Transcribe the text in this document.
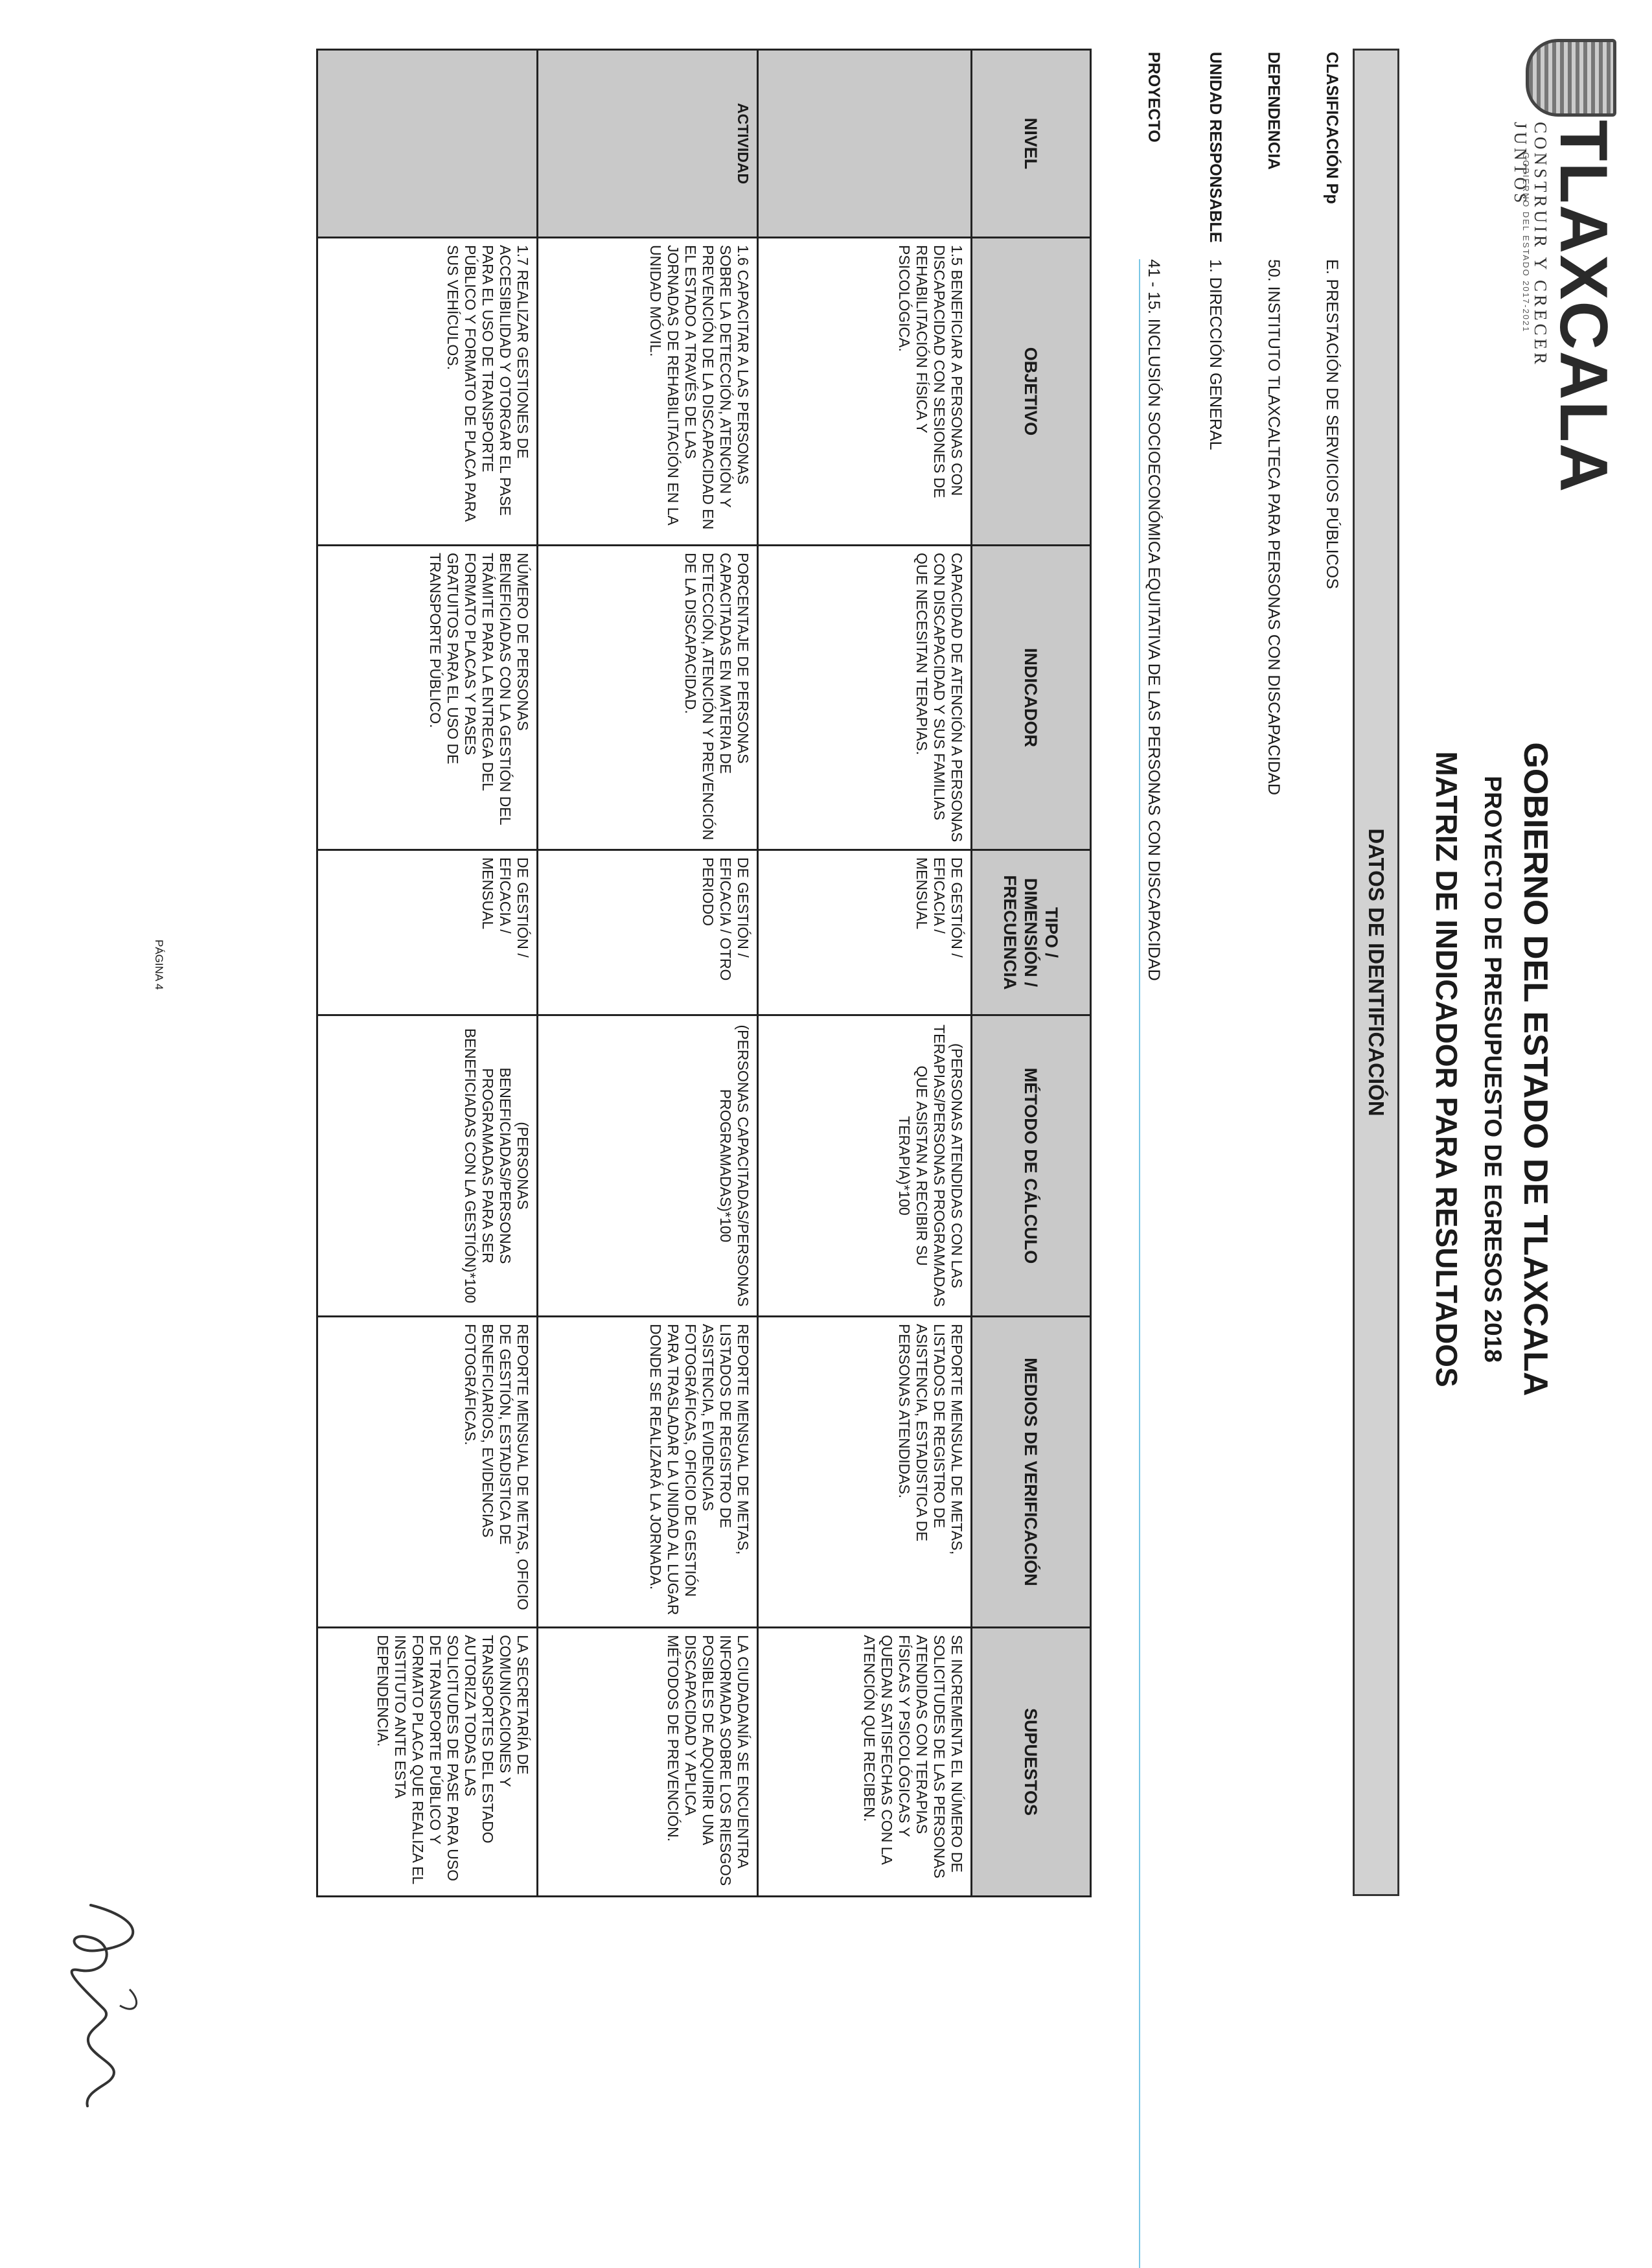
TLAXCALA
CONSTRUIR Y CRECER JUNTOS
GOBIERNO DEL ESTADO 2017-2021
GOBIERNO DEL ESTADO DE TLAXCALA
PROYECTO DE PRESUPUESTO DE EGRESOS 2018
MATRIZ DE INDICADOR PARA RESULTADOS
DATOS DE IDENTIFICACIÓN
CLASIFICACIÓN Pp
E. PRESTACIÓN DE SERVICIOS PÚBLICOS
DEPENDENCIA
50. INSTITUTO TLAXCALTECA PARA PERSONAS CON DISCAPACIDAD
UNIDAD RESPONSABLE
1. DIRECCIÓN GENERAL
PROYECTO
41 - 15. INCLUSIÓN SOCIOECONÓMICA EQUITATIVA DE LAS PERSONAS CON DISCAPACIDAD
NIVEL	OBJETIVO	INDICADOR	TIPO / DIMENSIÓN / FRECUENCIA	MÉTODO DE CÁLCULO	MEDIOS DE VERIFICACIÓN	SUPUESTOS
	1.5 BENEFICIAR A PERSONAS CON DISCAPACIDAD CON SESIONES DE REHABILITACIÓN FÍSICA Y PSICOLÓGICA.	CAPACIDAD DE ATENCIÓN A PERSONAS CON DISCAPACIDAD Y SUS FAMILIAS QUE NECESITAN TERAPIAS.	DE GESTIÓN / EFICACIA / MENSUAL	(PERSONAS ATENDIDAS CON LAS TERAPIAS/PERSONAS PROGRAMADAS QUE ASISTAN A RECIBIR SU TERAPIA)*100	REPORTE MENSUAL DE METAS, LISTADOS DE REGISTRO DE ASISTENCIA, ESTADISTICA DE PERSONAS ATENDIDAS.	SE INCREMENTA EL NÚMERO DE SOLICITUDES DE LAS PERSONAS ATENDIDAS CON TERAPIAS FÍSICAS Y PSICOLÓGICAS Y QUEDAN SATISFECHAS CON LA ATENCIÓN QUE RECIBEN.
ACTIVIDAD	1.6 CAPACITAR A LAS PERSONAS SOBRE LA DETECCIÓN, ATENCIÓN Y PREVENCIÓN DE LA DISCAPACIDAD EN EL ESTADO A TRAVÉS DE LAS JORNADAS DE REHABILITACIÓN EN LA UNIDAD MÓVIL.	PORCENTAJE DE PERSONAS CAPACITADAS EN MATERIA DE DETECCIÓN, ATENCIÓN Y PREVENCIÓN DE LA DISCAPACIDAD.	DE GESTIÓN / EFICACIA / OTRO PERIODO	(PERSONAS CAPACITADAS/PERSONAS PROGRAMADAS)*100	REPORTE MENSUAL DE METAS, LISTADOS DE REGISTRO DE ASISTENCIA, EVIDENCIAS FOTOGRÁFICAS, OFICIO DE GESTIÓN PARA TRASLADAR LA UNIDAD AL LUGAR DONDE SE REALIZARÁ LA JORNADA.	LA CIUDADANÍA SE ENCUENTRA INFORMADA SOBRE LOS RIESGOS POSIBLES DE ADQUIRIR UNA DISCAPACIDAD Y APLICA MÉTODOS DE PREVENCIÓN.
	1.7 REALIZAR GESTIONES DE ACCESIBILIDAD Y OTORGAR EL PASE PARA EL USO DE TRANSPORTE PÚBLICO Y FORMATO DE PLACA PARA SUS VEHÍCULOS.	NÚMERO DE PERSONAS BENEFICIADAS CON LA GESTIÓN DEL TRÁMITE PARA LA ENTREGA DEL FORMATO PLACAS Y PASES GRATUITOS PARA EL USO DE TRANSPORTE PÚBLICO.	DE GESTIÓN / EFICACIA / MENSUAL	(PERSONAS BENEFICIADAS/PERSONAS PROGRAMADAS PARA SER BENEFICIADAS CON LA GESTIÓN)*100	REPORTE MENSUAL DE METAS, OFICIO DE GESTIÓN, ESTADISTICA DE BENEFICIARIOS, EVIDENCIAS FOTOGRÁFICAS.	LA SECRETARÍA DE COMUNICACIONES Y TRANSPORTES DEL ESTADO AUTORIZA TODAS LAS SOLICITUDES DE PASE PARA USO DE TRANSPORTE PÚBLICO Y FORMATO PLACA QUE REALIZA EL INSTITUTO ANTE ESTA DEPENDENCIA.
PÁGINA 4
